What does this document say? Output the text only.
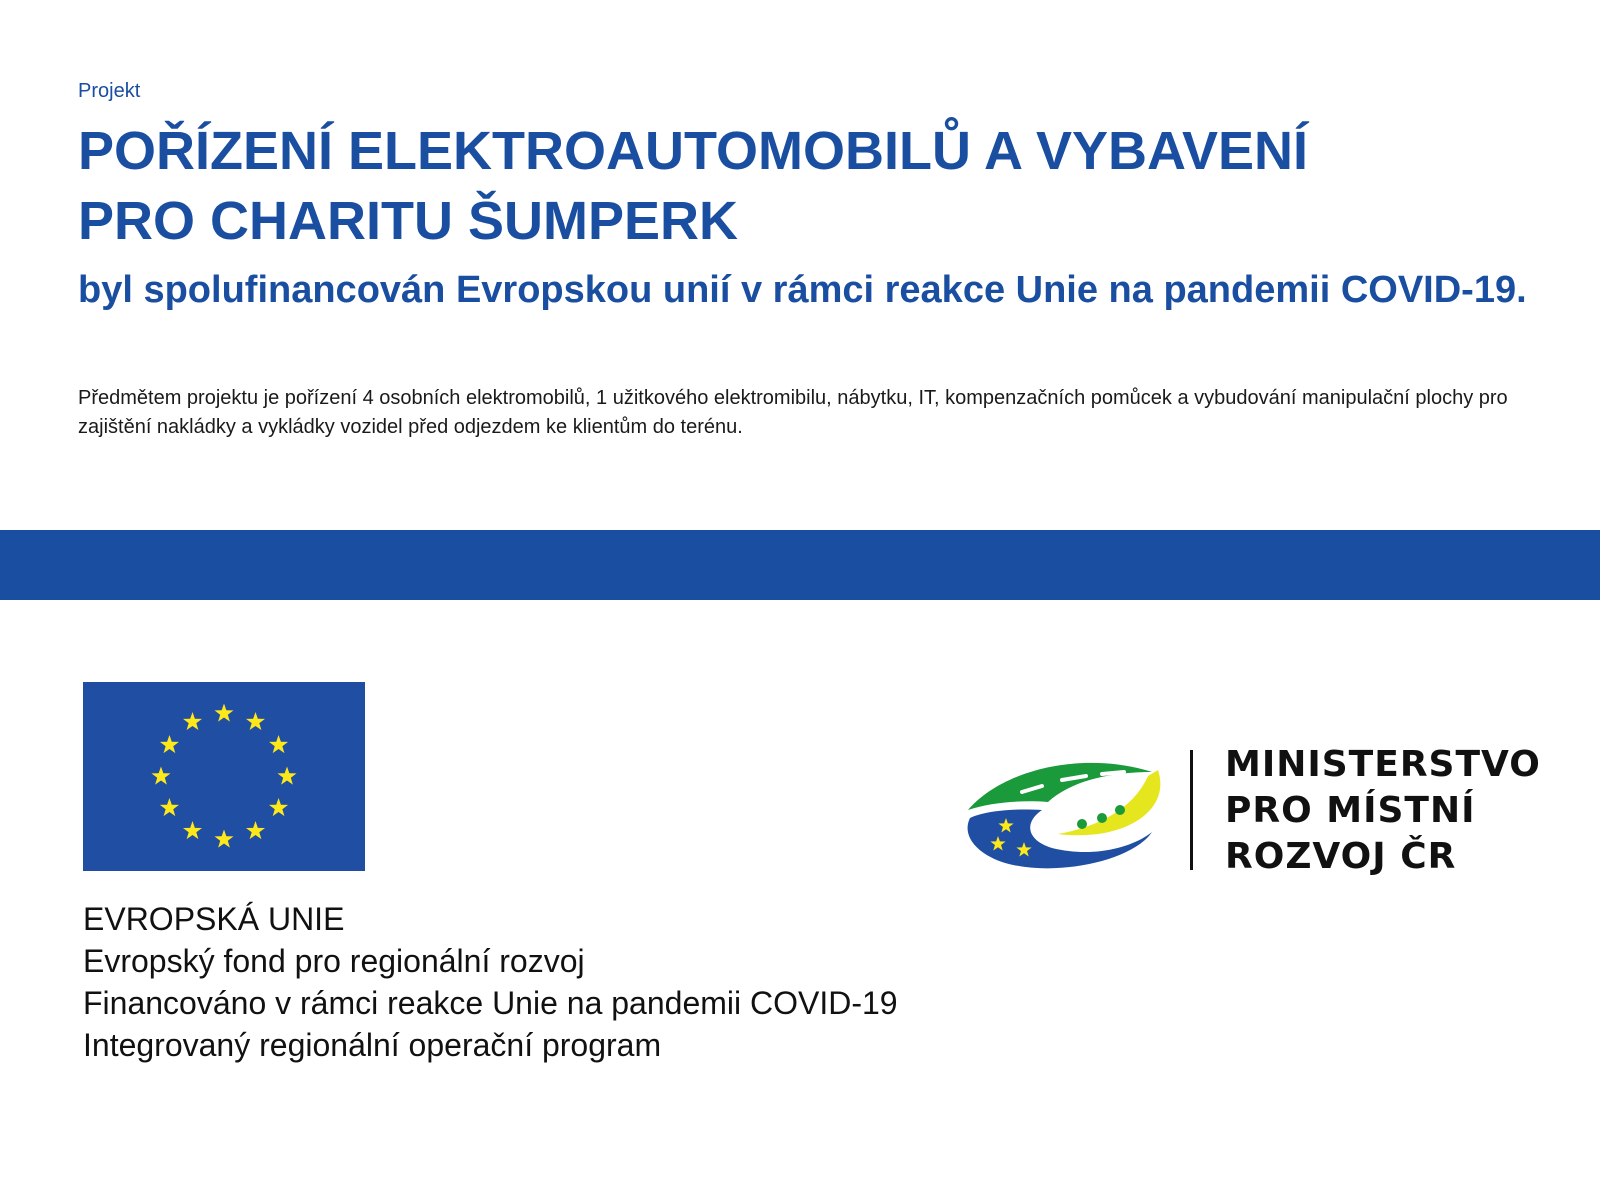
Projekt
POŘÍZENÍ ELEKTROAUTOMOBILŮ A VYBAVENÍ
PRO CHARITU ŠUMPERK

byl spolufinancován Evropskou unií v rámci reakce Unie na pandemii COVID-19.

Předmětem projektu je pořízení 4 osobních elektromobilů, 1 užitkového elektromibilu, nábytku, IT, kompenzačních pomůcek a vybudování manipulační plochy pro zajištění nakládky a vykládky vozidel před odjezdem ke klientům do terénu.

EVROPSKÁ UNIE
Evropský fond pro regionální rozvoj
Financováno v rámci reakce Unie na pandemii COVID-19
Integrovaný regionální operační program
MINISTERSTVO
PRO MÍSTNÍ
ROZVOJ ČR
